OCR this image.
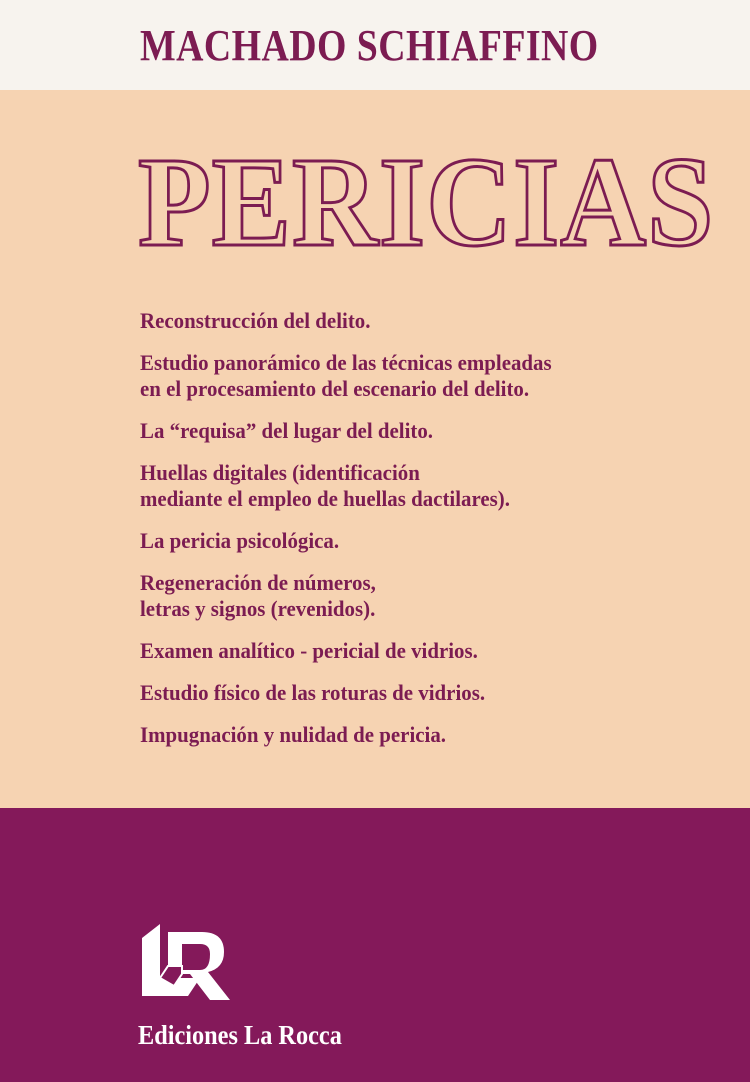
MACHADO SCHIAFFINO
PERICIAS
Reconstrucción del delito.
Estudio panorámico de las técnicas empleadas
en el procesamiento del escenario del delito.
La “requisa” del lugar del delito.
Huellas digitales (identificación
mediante el empleo de huellas dactilares).
La pericia psicológica.
Regeneración de números,
letras y signos (revenidos).
Examen analítico - pericial de vidrios.
Estudio físico de las roturas de vidrios.
Impugnación y nulidad de pericia.

Ediciones La Rocca
